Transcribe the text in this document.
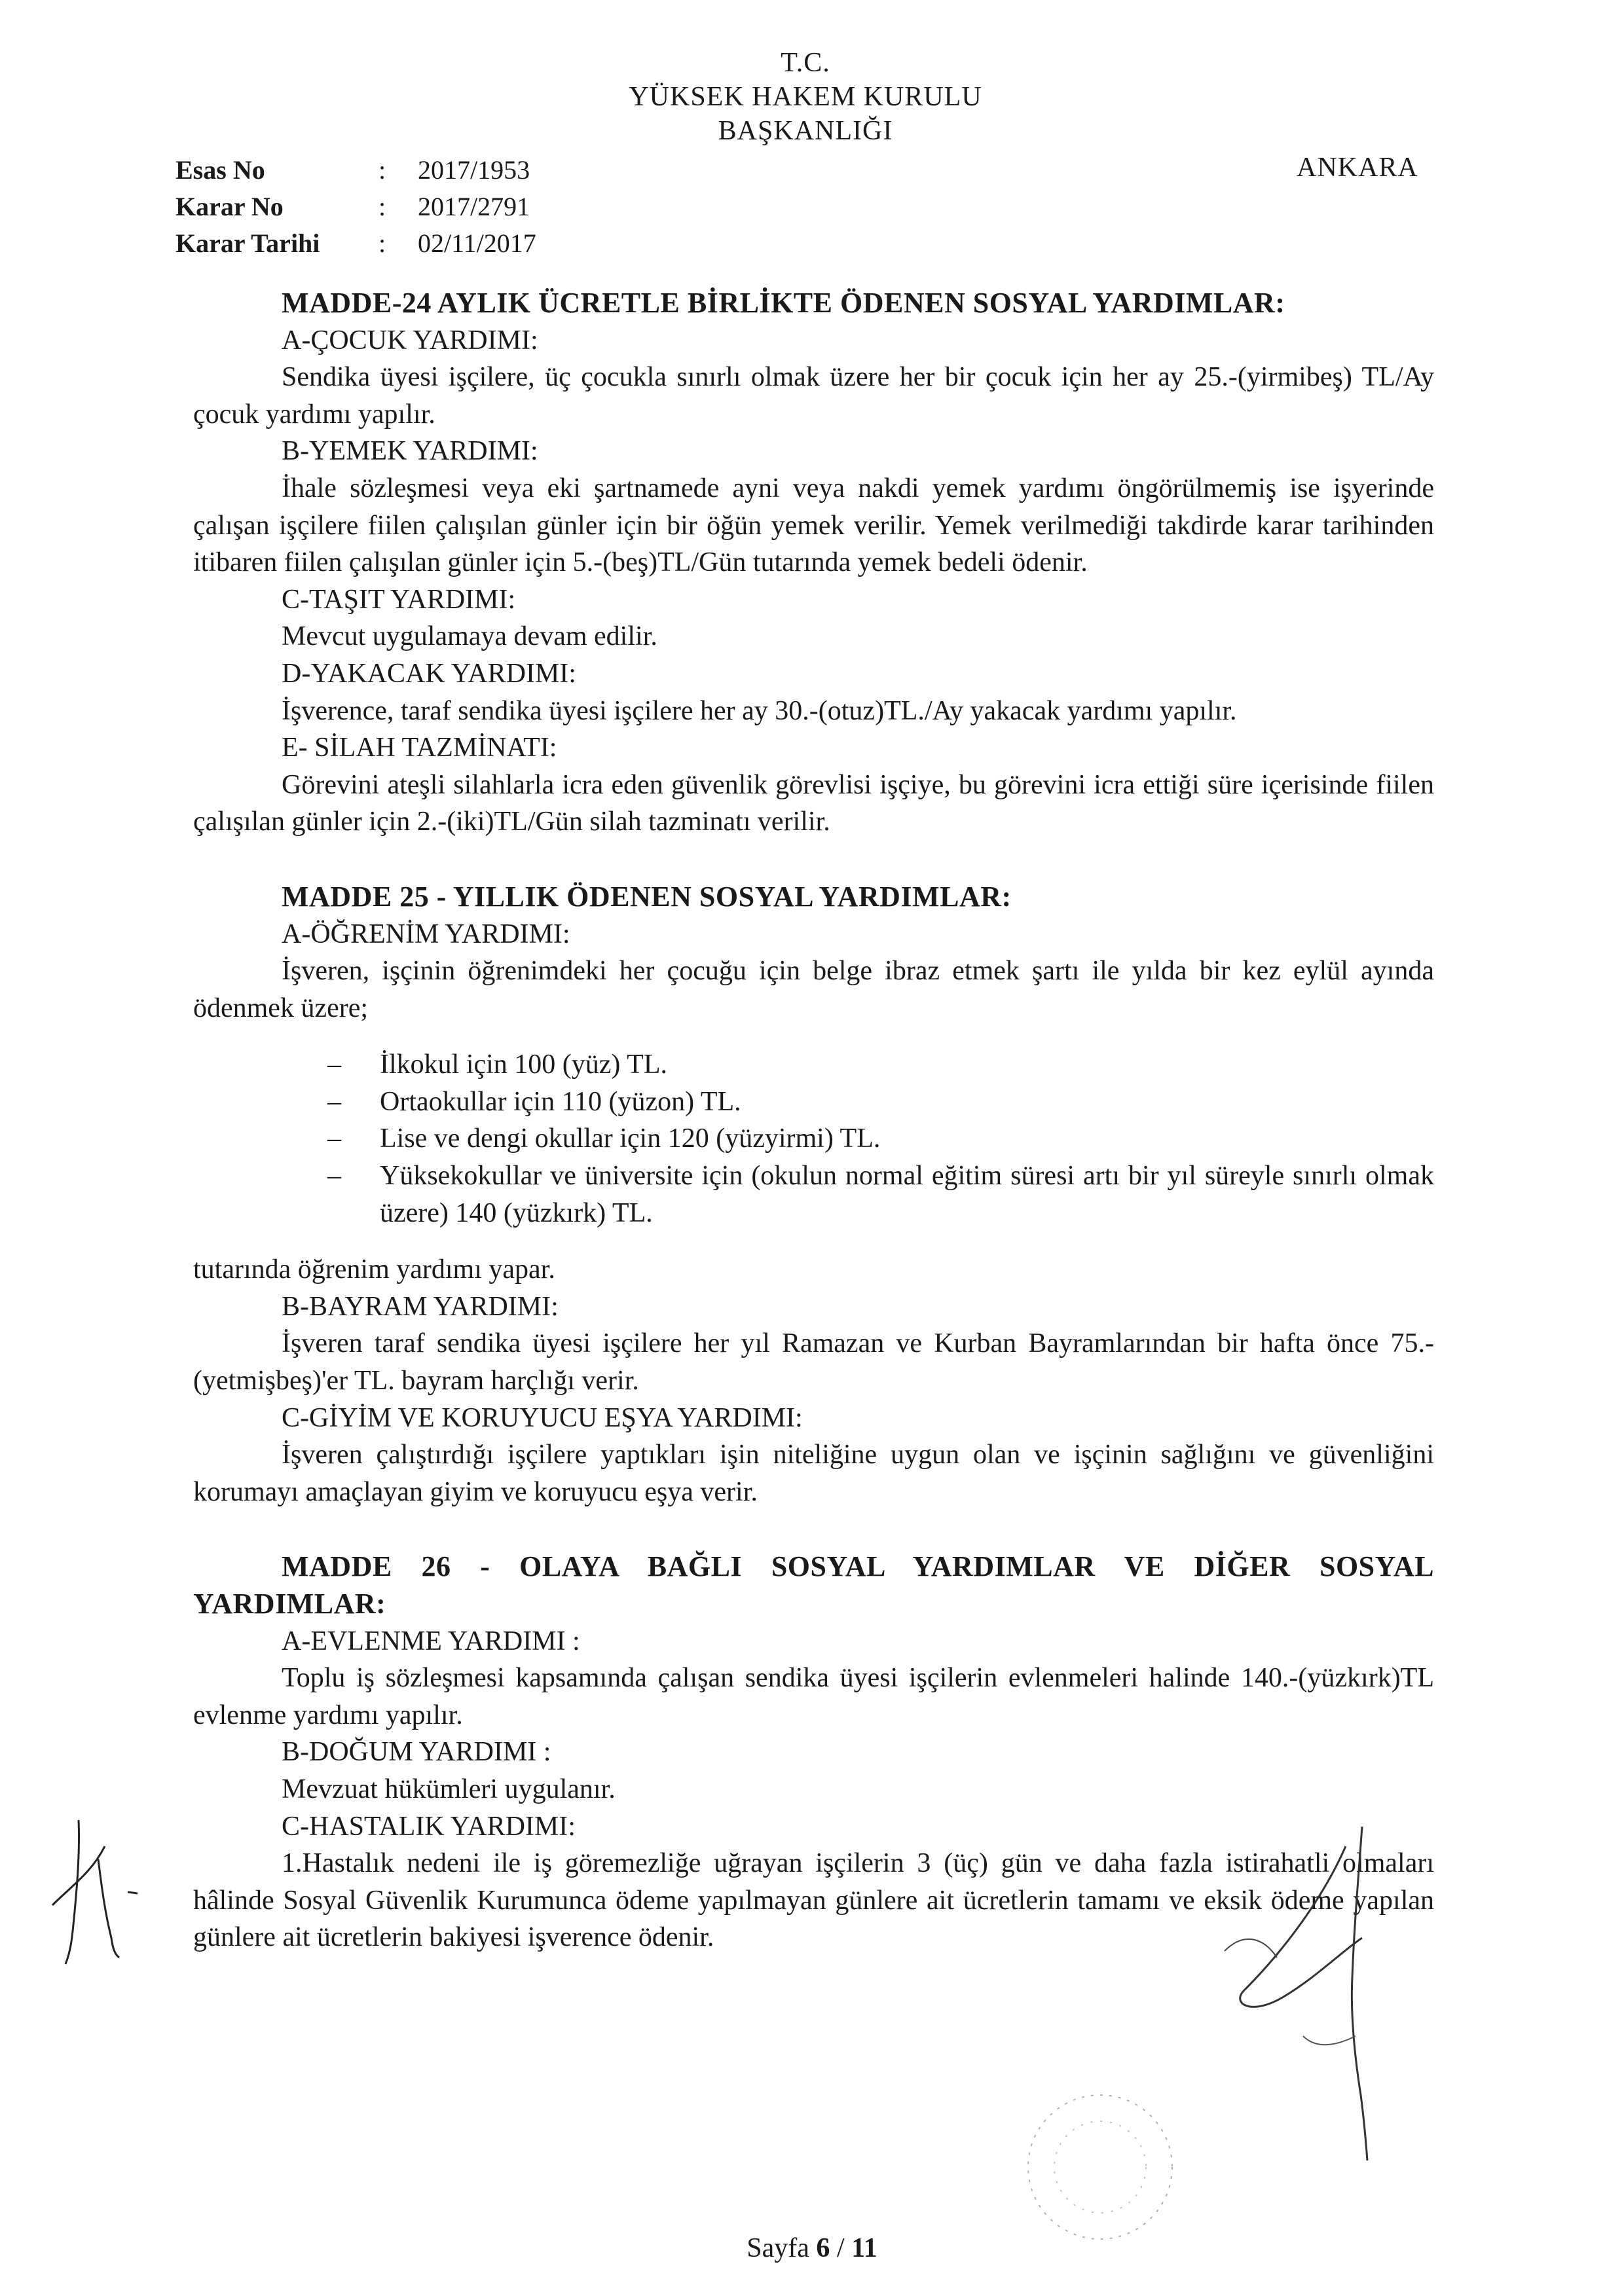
T.C.
YÜKSEK HAKEM KURULU
BAŞKANLIĞI
ANKARA
Esas No	:	2017/1953
Karar No	:	2017/2791
Karar Tarihi	:	02/11/2017
MADDE-24 AYLIK ÜCRETLE BİRLİKTE ÖDENEN SOSYAL YARDIMLAR:
A-ÇOCUK YARDIMI:
Sendika üyesi işçilere, üç çocukla sınırlı olmak üzere her bir çocuk için her ay 25.-(yirmibeş) TL/Ay çocuk yardımı yapılır.
B-YEMEK YARDIMI:
İhale sözleşmesi veya eki şartnamede ayni veya nakdi yemek yardımı öngörülmemiş ise işyerinde çalışan işçilere fiilen çalışılan günler için bir öğün yemek verilir. Yemek verilmediği takdirde karar tarihinden itibaren fiilen çalışılan günler için 5.-(beş)TL/Gün tutarında yemek bedeli ödenir.
C-TAŞIT YARDIMI:
Mevcut uygulamaya devam edilir.
D-YAKACAK YARDIMI:
İşverence, taraf sendika üyesi işçilere her ay 30.-(otuz)TL./Ay yakacak yardımı yapılır.
E- SİLAH TAZMİNATI:
Görevini ateşli silahlarla icra eden güvenlik görevlisi işçiye, bu görevini icra ettiği süre içerisinde fiilen çalışılan günler için 2.-(iki)TL/Gün silah tazminatı verilir.
MADDE 25 - YILLIK ÖDENEN SOSYAL YARDIMLAR:
A-ÖĞRENİM YARDIMI:
İşveren, işçinin öğrenimdeki her çocuğu için belge ibraz etmek şartı ile yılda bir kez eylül ayında ödenmek üzere;
– İlkokul için 100 (yüz) TL.
– Ortaokullar için 110 (yüzon) TL.
– Lise ve dengi okullar için 120 (yüzyirmi) TL.
– Yüksekokullar ve üniversite için (okulun normal eğitim süresi artı bir yıl süreyle sınırlı olmak üzere) 140 (yüzkırk) TL.
tutarında öğrenim yardımı yapar.
B-BAYRAM YARDIMI:
İşveren taraf sendika üyesi işçilere her yıl Ramazan ve Kurban Bayramlarından bir hafta önce 75.-(yetmişbeş)'er TL. bayram harçlığı verir.
C-GİYİM VE KORUYUCU EŞYA YARDIMI:
İşveren çalıştırdığı işçilere yaptıkları işin niteliğine uygun olan ve işçinin sağlığını ve güvenliğini korumayı amaçlayan giyim ve koruyucu eşya verir.
MADDE 26 - OLAYA BAĞLI SOSYAL YARDIMLAR VE DİĞER SOSYAL YARDIMLAR:
A-EVLENME YARDIMI :
Toplu iş sözleşmesi kapsamında çalışan sendika üyesi işçilerin evlenmeleri halinde 140.-(yüzkırk)TL evlenme yardımı yapılır.
B-DOĞUM YARDIMI :
Mevzuat hükümleri uygulanır.
C-HASTALIK YARDIMI:
1.Hastalık nedeni ile iş göremezliğe uğrayan işçilerin 3 (üç) gün ve daha fazla istirahatli olmaları hâlinde Sosyal Güvenlik Kurumunca ödeme yapılmayan günlere ait ücretlerin tamamı ve eksik ödeme yapılan günlere ait ücretlerin bakiyesi işverence ödenir.
Sayfa 6 / 11
